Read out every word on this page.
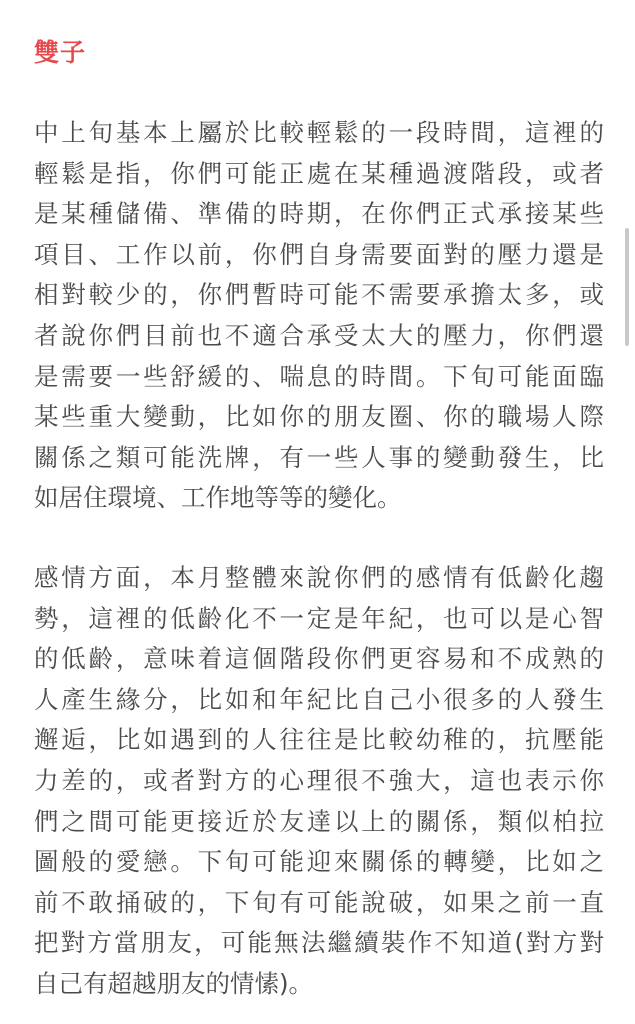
雙子
中上旬基本上屬於比較輕鬆的一段時間，這裡的
輕鬆是指，你們可能正處在某種過渡階段，或者
是某種儲備、準備的時期，在你們正式承接某些
項目、工作以前，你們自身需要面對的壓力還是
相對較少的，你們暫時可能不需要承擔太多，或
者說你們目前也不適合承受太大的壓力，你們還
是需要一些舒緩的、喘息的時間。下旬可能面臨
某些重大變動，比如你的朋友圈、你的職場人際
關係之類可能洗牌，有一些人事的變動發生，比
如居住環境、工作地等等的變化。
感情方面，本月整體來說你們的感情有低齡化趨
勢，這裡的低齡化不一定是年紀，也可以是心智
的低齡，意味着這個階段你們更容易和不成熟的
人產生緣分，比如和年紀比自己小很多的人發生
邂逅，比如遇到的人往往是比較幼稚的，抗壓能
力差的，或者對方的心理很不強大，這也表示你
們之間可能更接近於友達以上的關係，類似柏拉
圖般的愛戀。下旬可能迎來關係的轉變，比如之
前不敢捅破的，下旬有可能說破，如果之前一直
把對方當朋友，可能無法繼續裝作不知道(對方對
自己有超越朋友的情愫)。
